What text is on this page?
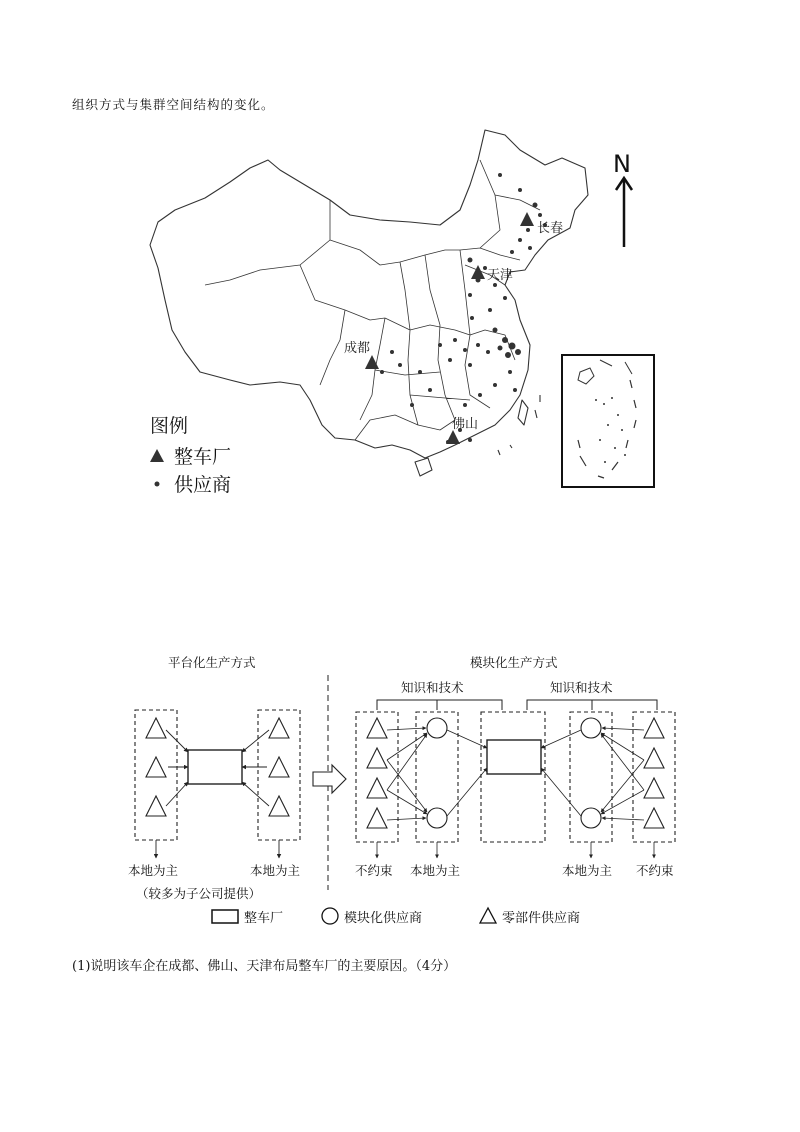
组织方式与集群空间结构的变化。
长春
天津
成都
佛山
N
图例
整车厂
供应商
平台化生产方式	模块化生产方式
知识和技术	知识和技术
本地为主	本地为主
（较多为子公司提供）
不约束 本地为主	本地为主 不约束
整车厂	模块化供应商	零部件供应商
(1)说明该车企在成都、佛山、天津布局整车厂的主要原因。（4分）
